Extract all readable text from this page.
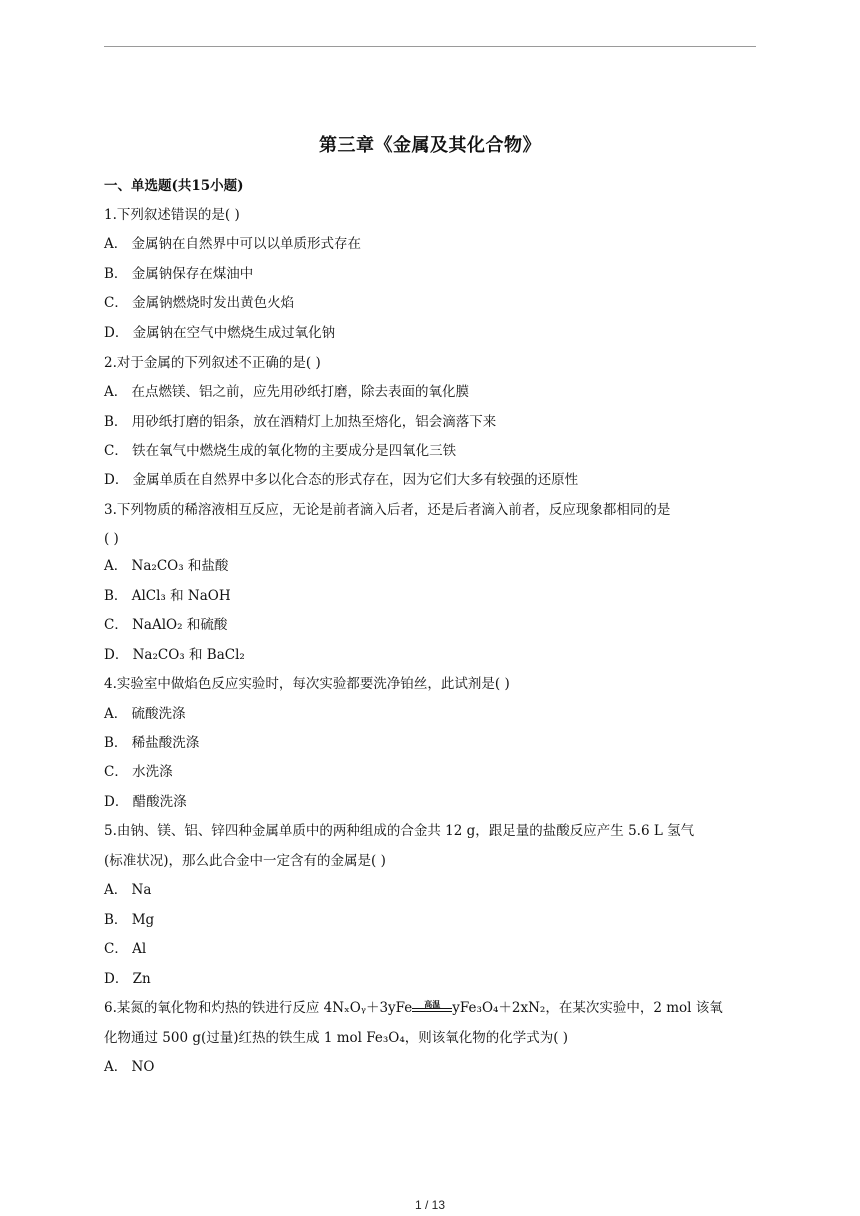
第三章《金属及其化合物》
一、单选题(共15小题)
1.下列叙述错误的是( )
A． 金属钠在自然界中可以以单质形式存在
B． 金属钠保存在煤油中
C． 金属钠燃烧时发出黄色火焰
D． 金属钠在空气中燃烧生成过氧化钠
2.对于金属的下列叙述不正确的是( )
A． 在点燃镁、铝之前，应先用砂纸打磨，除去表面的氧化膜
B． 用砂纸打磨的铝条，放在酒精灯上加热至熔化，铝会滴落下来
C． 铁在氧气中燃烧生成的氧化物的主要成分是四氧化三铁
D． 金属单质在自然界中多以化合态的形式存在，因为它们大多有较强的还原性
3.下列物质的稀溶液相互反应，无论是前者滴入后者，还是后者滴入前者，反应现象都相同的是
( )
A． Na₂CO₃ 和盐酸
B． AlCl₃ 和 NaOH
C． NaAlO₂ 和硫酸
D． Na₂CO₃ 和 BaCl₂
4.实验室中做焰色反应实验时，每次实验都要洗净铂丝，此试剂是( )
A． 硫酸洗涤
B． 稀盐酸洗涤
C． 水洗涤
D． 醋酸洗涤
5.由钠、镁、铝、锌四种金属单质中的两种组成的合金共 12 g，跟足量的盐酸反应产生 5.6 L 氢气
(标准状况)，那么此合金中一定含有的金属是( )
A． Na
B． Mg
C． Al
D． Zn
6.某氮的氧化物和灼热的铁进行反应 4NₓOᵧ＋3yFe	高温 yFe₃O₄＋2xN₂，在某次实验中，2 mol 该氧
化物通过 500 g(过量)红热的铁生成 1 mol Fe₃O₄，则该氧化物的化学式为( )
A． NO
1 / 13
